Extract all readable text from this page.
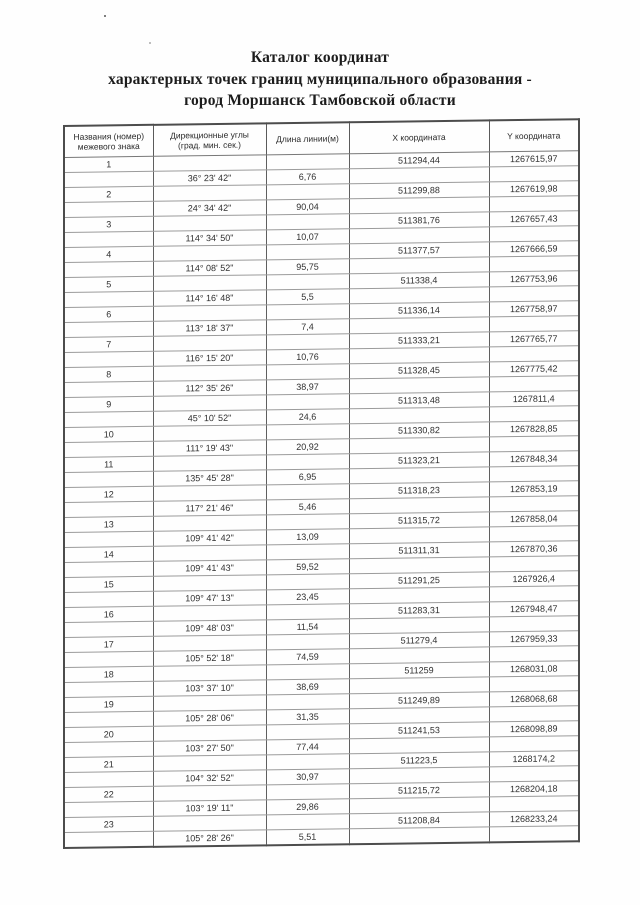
Каталог координат
характерных точек границ муниципального образования -
город Моршанск Тамбовской области
Названия (номер) межевого знака	Дирекционные углы (град. мин. сек.)	Длина линии(м)	X координата	Y координата
1			511294,44	1267615,97
	36° 23' 42"	6,76		
2			511299,88	1267619,98
	24° 34' 42"	90,04		
3			511381,76	1267657,43
	114° 34' 50"	10,07		
4			511377,57	1267666,59
	114° 08' 52"	95,75		
5			511338,4	1267753,96
	114° 16' 48"	5,5		
6			511336,14	1267758,97
	113° 18' 37"	7,4		
7			511333,21	1267765,77
	116° 15' 20"	10,76		
8			511328,45	1267775,42
	112° 35' 26"	38,97		
9			511313,48	1267811,4
	45° 10' 52"	24,6		
10			511330,82	1267828,85
	111° 19' 43"	20,92		
11			511323,21	1267848,34
	135° 45' 28"	6,95		
12			511318,23	1267853,19
	117° 21' 46"	5,46		
13			511315,72	1267858,04
	109° 41' 42"	13,09		
14			511311,31	1267870,36
	109° 41' 43"	59,52		
15			511291,25	1267926,4
	109° 47' 13"	23,45		
16			511283,31	1267948,47
	109° 48' 03"	11,54		
17			511279,4	1267959,33
	105° 52' 18"	74,59		
18			511259	1268031,08
	103° 37' 10"	38,69		
19			511249,89	1268068,68
	105° 28' 06"	31,35		
20			511241,53	1268098,89
	103° 27' 50"	77,44		
21			511223,5	1268174,2
	104° 32' 52"	30,97		
22			511215,72	1268204,18
	103° 19' 11"	29,86		
23			511208,84	1268233,24
	105° 28' 26"	5,51		
